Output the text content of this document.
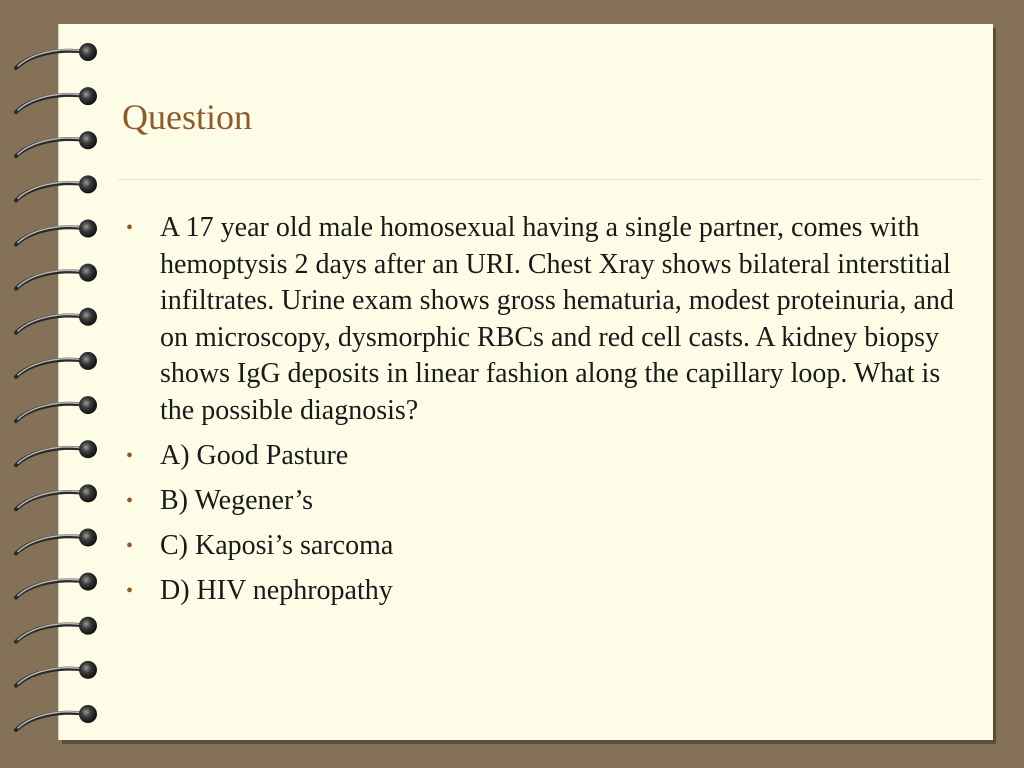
Question
• A 17 year old male homosexual having a single partner, comes with hemoptysis 2 days after an URI. Chest Xray shows bilateral interstitial infiltrates. Urine exam shows gross hematuria, modest proteinuria, and on microscopy, dysmorphic RBCs and red cell casts. A kidney biopsy shows IgG deposits in linear fashion along the capillary loop. What is the possible diagnosis?
• A) Good Pasture
• B) Wegener’s
• C) Kaposi’s sarcoma
• D) HIV nephropathy
